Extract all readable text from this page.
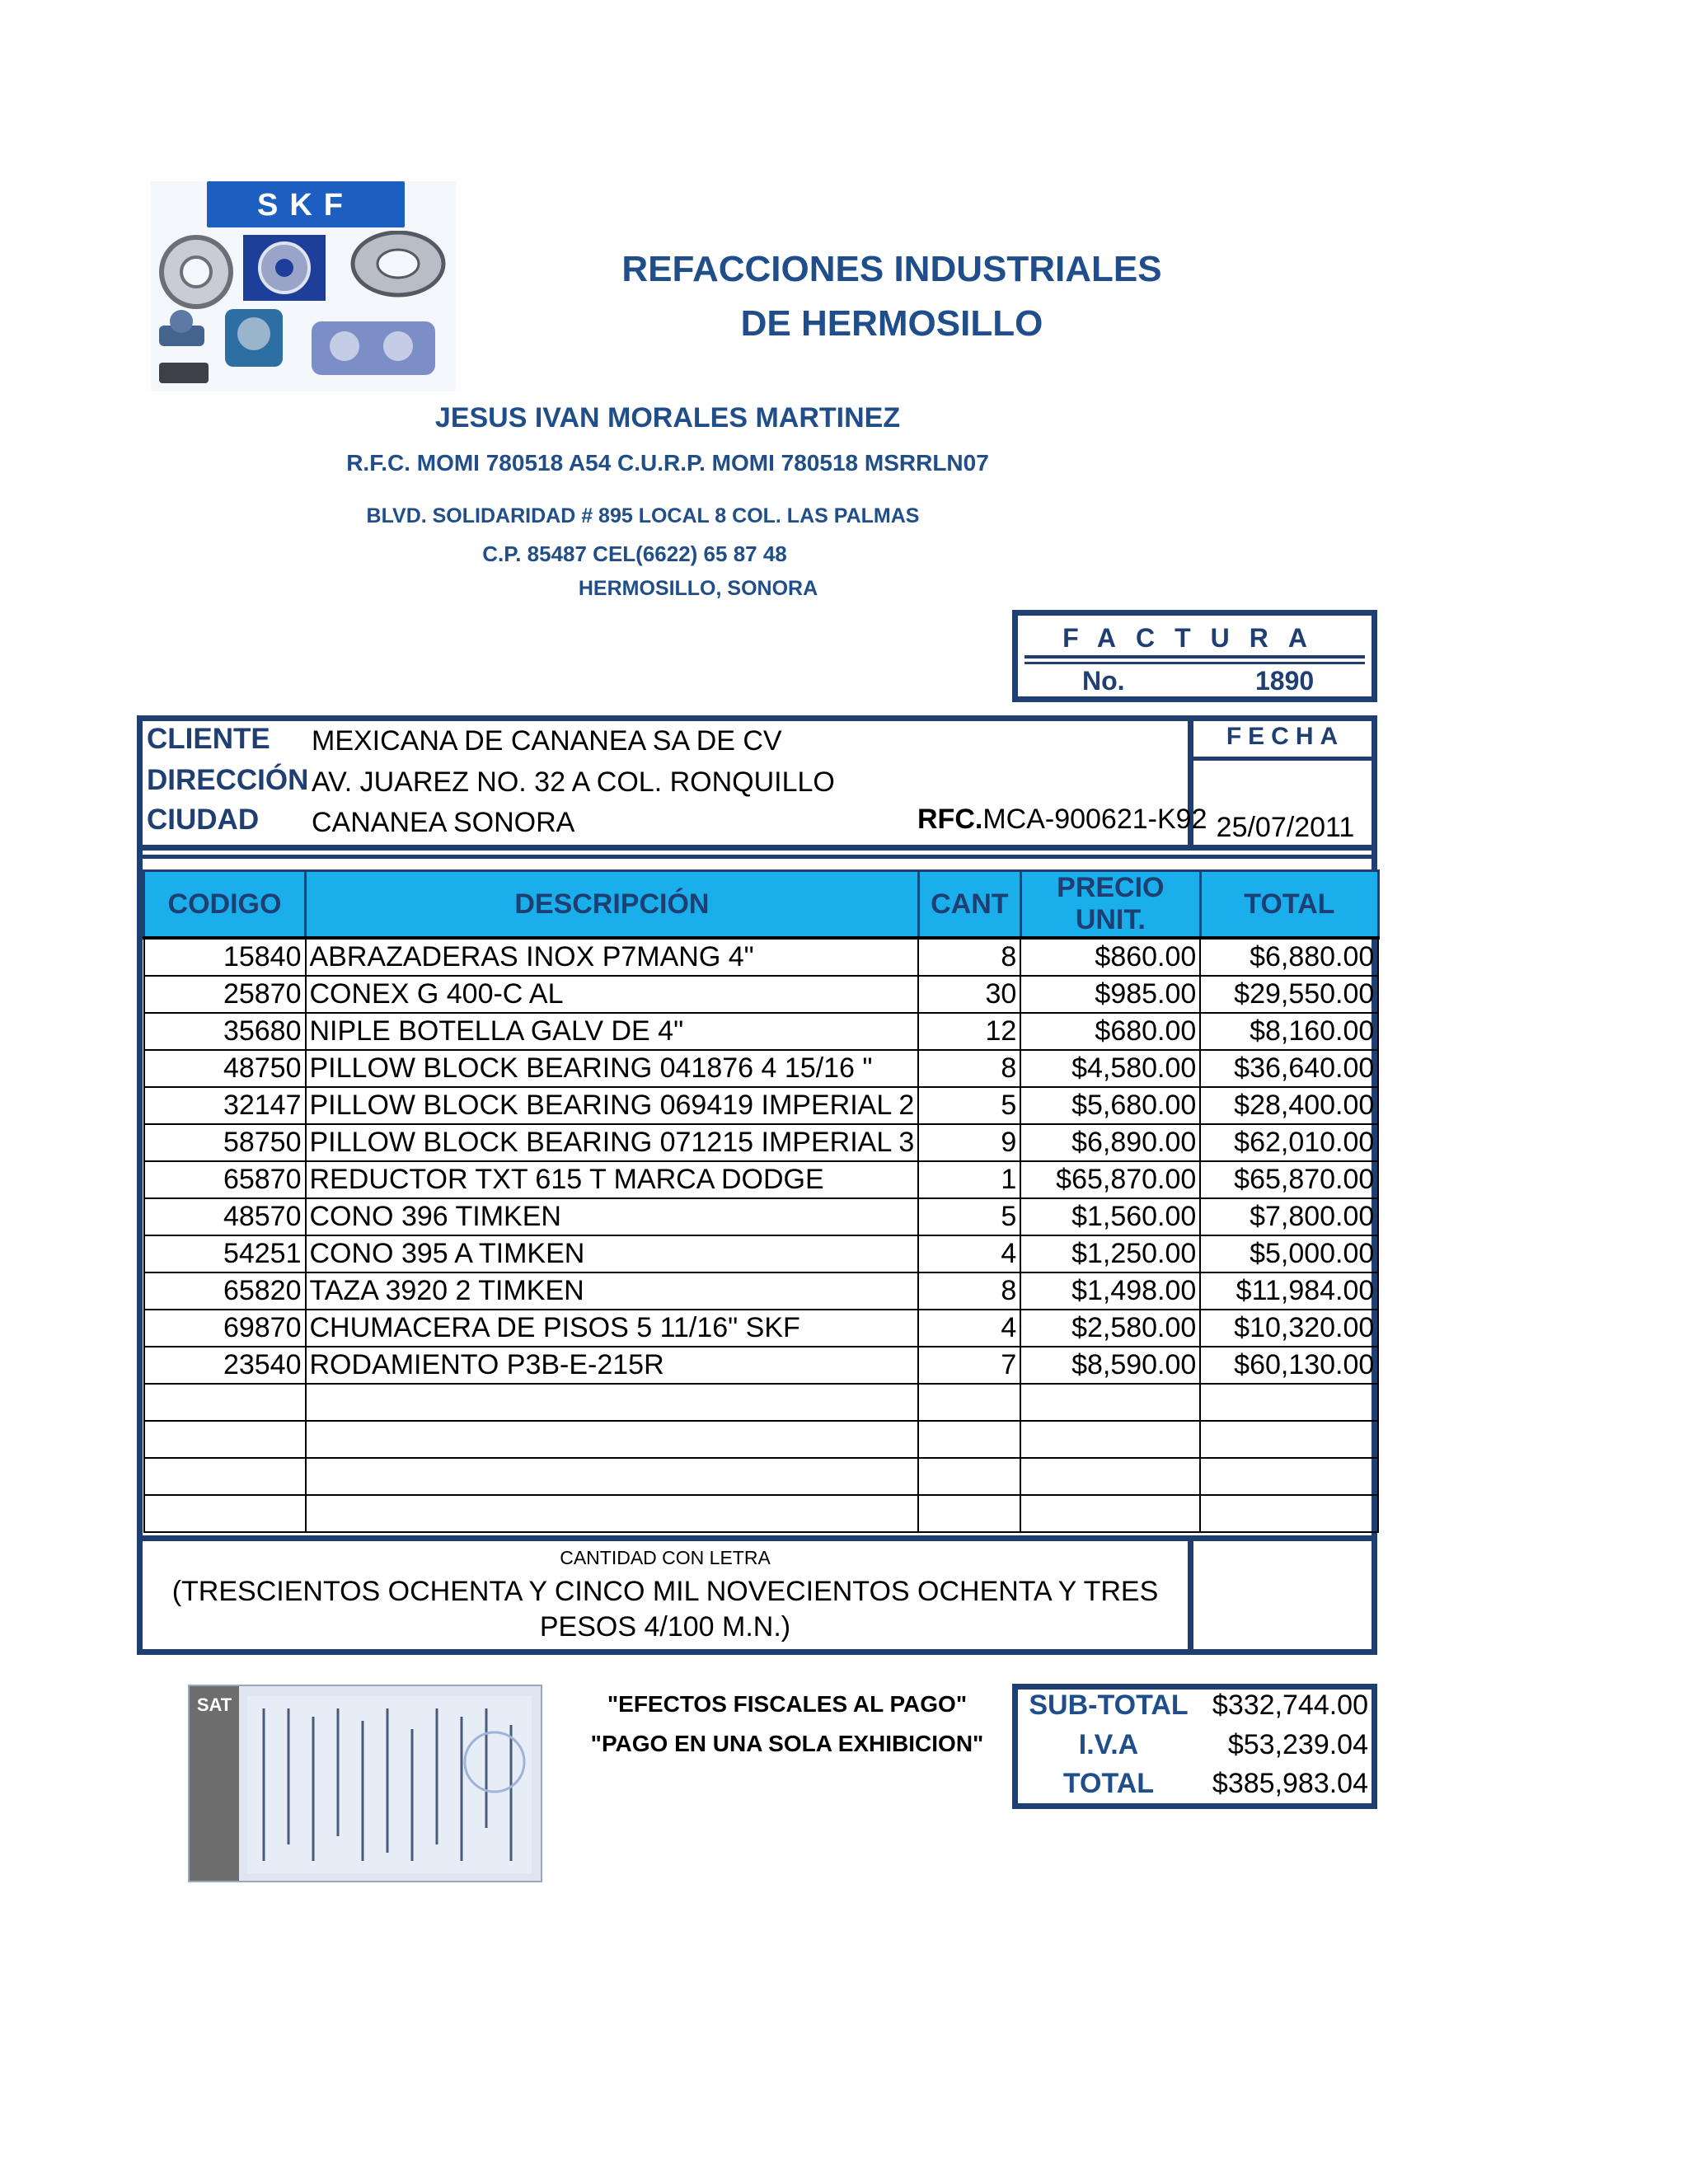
SKF
REFACCIONES INDUSTRIALES
DE HERMOSILLO
JESUS IVAN MORALES MARTINEZ
R.F.C. MOMI 780518 A54 C.U.R.P. MOMI 780518 MSRRLN07
BLVD. SOLIDARIDAD # 895 LOCAL 8 COL. LAS PALMAS
C.P. 85487 CEL(6622) 65 87 48
HERMOSILLO, SONORA
FACTURA
No.	1890
CLIENTE MEXICANA DE CANANEA SA DE CV
DIRECCIÓN AV. JUAREZ NO. 32 A COL. RONQUILLO
CIUDAD CANANEA SONORA	RFC.MCA-900621-K92
FECHA
25/07/2011
CANTIDAD CON LETRA
(TRESCIENTOS OCHENTA Y CINCO MIL NOVECIENTOS OCHENTA Y TRES
PESOS 4/100 M.N.)
CODIGO	DESCRIPCIÓN	CANT	PRECIO UNIT.	TOTAL
15840	ABRAZADERAS INOX P7MANG 4"	8	$860.00	$6,880.00
25870	CONEX G 400-C AL	30	$985.00	$29,550.00
35680	NIPLE BOTELLA GALV DE 4"	12	$680.00	$8,160.00
48750	PILLOW BLOCK BEARING 041876 4 15/16 "	8	$4,580.00	$36,640.00
32147	PILLOW BLOCK BEARING 069419 IMPERIAL 2	5	$5,680.00	$28,400.00
58750	PILLOW BLOCK BEARING 071215 IMPERIAL 3	9	$6,890.00	$62,010.00
65870	REDUCTOR TXT 615 T MARCA DODGE	1	$65,870.00	$65,870.00
48570	CONO 396 TIMKEN	5	$1,560.00	$7,800.00
54251	CONO 395 A TIMKEN	4	$1,250.00	$5,000.00
65820	TAZA 3920 2 TIMKEN	8	$1,498.00	$11,984.00
69870	CHUMACERA DE PISOS 5 11/16" SKF	4	$2,580.00	$10,320.00
23540	RODAMIENTO P3B-E-215R	7	$8,590.00	$60,130.00

SAT	"EFECTOS FISCALES AL PAGO"
"PAGO EN UNA SOLA EXHIBICION"
SUB-TOTAL $332,744.00
I.V.A	$53,239.04
TOTAL	$385,983.04
